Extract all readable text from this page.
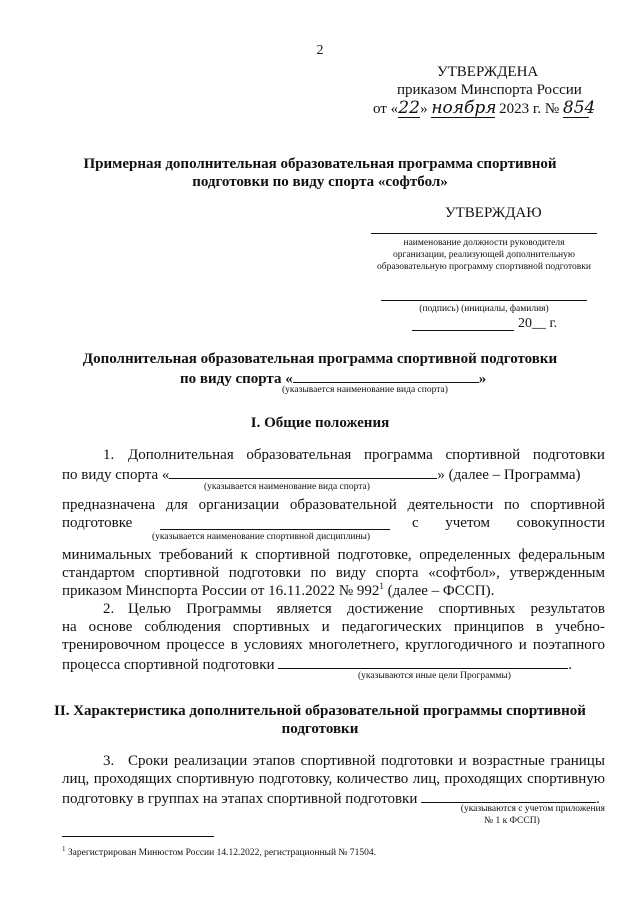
2
УТВЕРЖДЕНА
приказом Минспорта России
от «22» ноября 2023 г. № 854
Примерная дополнительная образовательная программа спортивной
подготовки по виду спорта «софтбол»
УТВЕРЖДАЮ
наименование должности руководителя
организации, реализующей дополнительную
образовательную программу спортивной подготовки
(подпись) (инициалы, фамилия)
20__ г.
Дополнительная образовательная программа спортивной подготовки
по виду спорта «	»
(указывается наименование вида спорта)
I. Общие положения
1. Дополнительная образовательная программа спортивной подготовки
по виду спорта «	» (далее – Программа)
(указывается наименование вида спорта)
предназначена для организации образовательной деятельности по спортивной
подготовке	с учетом совокупности
(указывается наименование спортивной дисциплины)
минимальных требований к спортивной подготовке, определенных федеральным
стандартом спортивной подготовки по виду спорта «софтбол», утвержденным
приказом Минспорта России от 16.11.2022 № $992^1$ (далее – ФССП).
2. Целью Программы является достижение спортивных результатов
на основе соблюдения спортивных и педагогических принципов в учебно-
тренировочном процессе в условиях многолетнего, круглогодичного и поэтапного
процесса спортивной подготовки	.
(указываются иные цели Программы)
II. Характеристика дополнительной образовательной программы спортивной
подготовки
3. Сроки реализации этапов спортивной подготовки и возрастные границы
лиц, проходящих спортивную подготовку, количество лиц, проходящих спортивную
подготовку в группах на этапах спортивной подготовки	.
(указываются с учетом приложения
№ 1 к ФССП)
$^1$ Зарегистрирован Минюстом России 14.12.2022, регистрационный № 71504.
